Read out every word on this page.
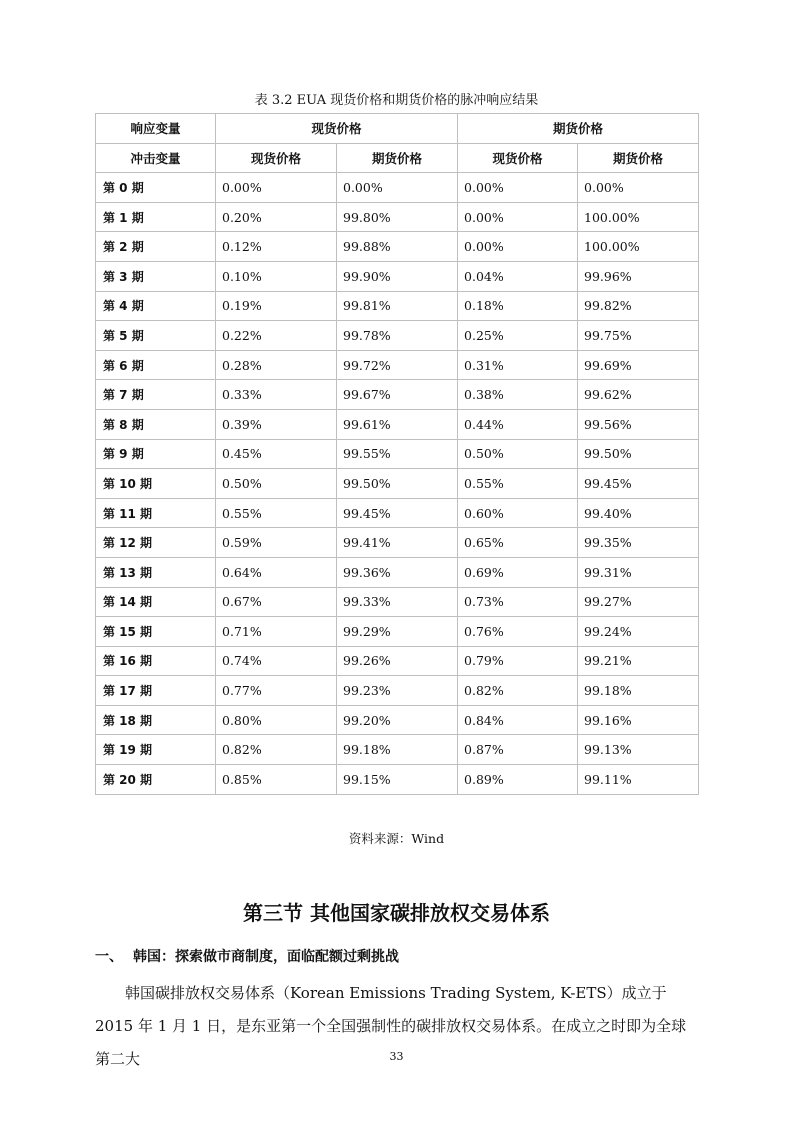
表 3.2 EUA 现货价格和期货价格的脉冲响应结果
响应变量	现货价格		期货价格	
冲击变量	现货价格	期货价格	现货价格	期货价格
第 0 期	0.00%	0.00%	0.00%	0.00%
第 1 期	0.20%	99.80%	0.00%	100.00%
第 2 期	0.12%	99.88%	0.00%	100.00%
第 3 期	0.10%	99.90%	0.04%	99.96%
第 4 期	0.19%	99.81%	0.18%	99.82%
第 5 期	0.22%	99.78%	0.25%	99.75%
第 6 期	0.28%	99.72%	0.31%	99.69%
第 7 期	0.33%	99.67%	0.38%	99.62%
第 8 期	0.39%	99.61%	0.44%	99.56%
第 9 期	0.45%	99.55%	0.50%	99.50%
第 10 期	0.50%	99.50%	0.55%	99.45%
第 11 期	0.55%	99.45%	0.60%	99.40%
第 12 期	0.59%	99.41%	0.65%	99.35%
第 13 期	0.64%	99.36%	0.69%	99.31%
第 14 期	0.67%	99.33%	0.73%	99.27%
第 15 期	0.71%	99.29%	0.76%	99.24%
第 16 期	0.74%	99.26%	0.79%	99.21%
第 17 期	0.77%	99.23%	0.82%	99.18%
第 18 期	0.80%	99.20%	0.84%	99.16%
第 19 期	0.82%	99.18%	0.87%	99.13%
第 20 期	0.85%	99.15%	0.89%	99.11%
资料来源：Wind
第三节 其他国家碳排放权交易体系
一、 韩国：探索做市商制度，面临配额过剩挑战
韩国碳排放权交易体系（Korean Emissions Trading System, K-ETS）成立于 2015 年 1 月 1 日，是东亚第一个全国强制性的碳排放权交易体系。在成立之时即为全球第二大	33
